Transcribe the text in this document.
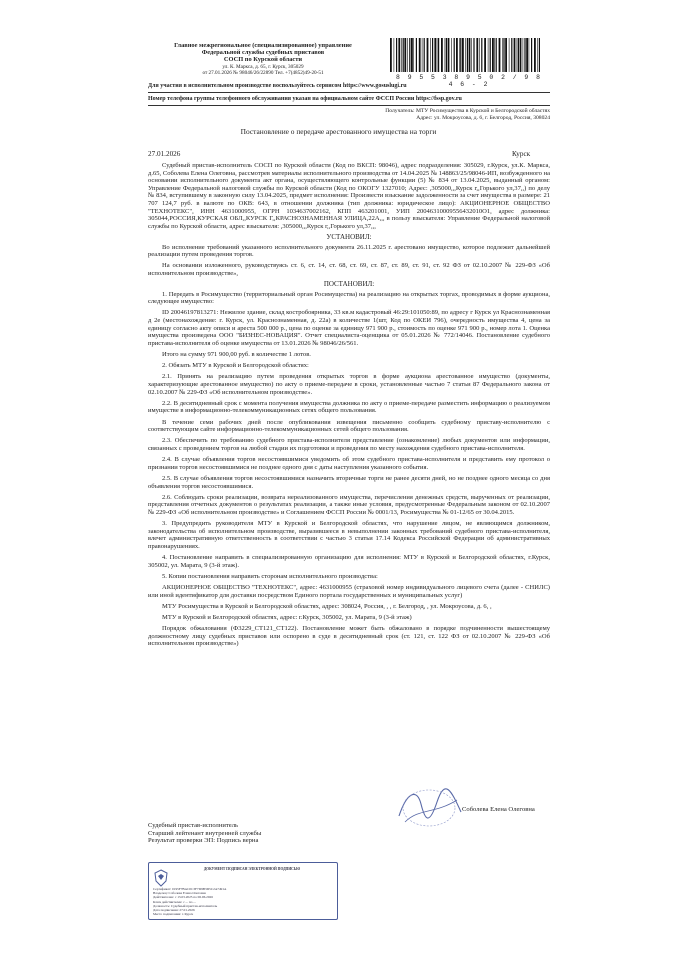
Главное межрегиональное (специализированное) управление
Федеральной службы судебных приставов
СОСП по Курской области
ул. К. Маркса, д. 65, г. Курск, 305029
от 27.01.2026 № 98046/26/22890 Тел. +7(4852)49-20-51
8 9 5 5 3 8 9 5 0 2 / 9 8 4 6 - 2
Для участия в исполнительном производстве воспользуйтесь сервисом https://www.gosuslugi.ru
Номер телефона группы телефонного обслуживания указан на официальном сайте ФССП России https://fssp.gov.ru
Получатель: МТУ Росимущества в Курской и Белгородской областях
Адрес: ул. Мокроусова, д. 6, г. Белгород, Россия, 308024
Постановление о передаче арестованного имущества на торги
27.01.2026	Курск

Судебный пристав-исполнитель СОСП по Курской области (Код по ВКСП: 98046), адрес подразделения: 305029, г.Курск, ул.К. Маркса, д.65, Соболева Елена Олеговна, рассмотрев материалы исполнительного производства от 14.04.2025 № 148863/25/98046-ИП, возбужденного на основании исполнительного документа акт органа, осуществляющего контрольные функции (5) № 834 от 13.04.2025, выданный органом: Управление Федеральной налоговой службы по Курской области (Код по ОКОГУ 1327010; Адрес: ,305000,,,Курск г,,Горького ул,37,,) по делу № 834, вступившему в законную силу 13.04.2025, предмет исполнения: Произвести взыскание задолженности за счет имущества в размере: 21 707 124,7 руб. в валюте по ОКВ: 643, в отношении должника (тип должника: юридическое лицо): АКЦИОНЕРНОЕ ОБЩЕСТВО "ТЕХНОТЕКС", ИНН 4631000955, ОГРН 1034637002162, КПП 463201001, УИП 20046310009556432010О1, адрес должника: 305044,РОССИЯ,КУРСКАЯ ОБЛ,,КУРСК Г,,КРАСНОЗНАМЕННАЯ УЛИЦА,22А,,, в пользу взыскателя: Управление Федеральной налоговой службы по Курской области, адрес взыскателя: ,305000,,,Курск г,,Горького ул,37,,,

УСТАНОВИЛ:

Во исполнение требований указанного исполнительного документа 26.11.2025 г. арестовано имущество, которое подлежит дальнейшей реализации путем проведения торгов.

На основании изложенного, руководствуясь ст. 6, ст. 14, ст. 68, ст. 69, ст. 87, ст. 89, ст. 91, ст. 92 ФЗ от 02.10.2007 № 229-ФЗ «Об исполнительном производстве»,

ПОСТАНОВИЛ:

1. Передать в Росимущество (территориальный орган Росимущества) на реализацию на открытых торгах, проводимых в форме аукциона, следующее имущество:

ID 20046197813271: Нежилое здание, склад костробоярника, 33 кв.м кадастровый 46:29:101050:89, по адресу г Курск ул Краснознаменная д 2е (местонахождение: г. Курск, ул. Краснознаменная, д. 22а) в количестве 1(шт, Код по ОКЕИ 796), очередность имущества 4, цена за единицу согласно акту описи и ареста 500 000 р., цена по оценке за единицу 971 900 р., стоимость по оценке 971 900 р., номер лота 1. Оценка имущества произведена ООО "БИЗНЕС-НОВАЦИЯ". Отчет специалиста-оценщика от 05.01.2026 № 772/14046. Постановление судебного пристава-исполнителя об оценке имущества от 13.01.2026 № 98046/26/561.

Итого на сумму 971 900,00 руб. в количестве 1 лотов.

2. Обязать МТУ в Курской и Белгородской областях:

2.1. Принять на реализацию путем проведения открытых торгов в форме аукциона арестованное имущество (документы, характеризующие арестованное имущество) по акту о приеме-передаче в сроки, установленные частью 7 статьи 87 Федерального закона от 02.10.2007 № 229-ФЗ «Об исполнительном производстве».

2.2. В десятидневный срок с момента получения имущества должника по акту о приеме-передаче разместить информацию о реализуемом имуществе в информационно-телекоммуникационных сетях общего пользования.

В течение семи рабочих дней после опубликования извещения письменно сообщить судебному приставу-исполнителю с соответствующим сайте информационно-телекоммуникационных сетей общего пользования.

2.3. Обеспечить по требованию судебного пристава-исполнителя представление (ознакомление) любых документов или информации, связанных с проведением торгов на любой стадии их подготовки и проведения по месту нахождения судебного пристава-исполнителя.

2.4. В случае объявления торгов несостоявшимися уведомить об этом судебного пристава-исполнителя и представить ему протокол о признании торгов несостоявшимися не позднее одного дня с даты наступления указанного события.

2.5. В случае объявления торгов несостоявшимися назначить вторичные торги не ранее десяти дней, но не позднее одного месяца со дня объявления торгов несостоявшимися.

2.6. Соблюдать сроки реализации, возврата нереализованного имущества, перечисления денежных средств, вырученных от реализации, представления отчетных документов о результатах реализации, а также иные условия, предусмотренные Федеральным законом от 02.10.2007 № 229-ФЗ «Об исполнительном производстве» и Соглашением ФССП России № 0001/13, Росимущества № 01-12/65 от 30.04.2015.

3. Предупредить руководителя МТУ в Курской и Белгородской областях, что нарушение лицом, не являющимся должником, законодательства об исполнительном производстве, выразившееся в невыполнении законных требований судебного пристава-исполнителя, влечет административную ответственность в соответствии с частью 3 статьи 17.14 Кодекса Российской Федерации об административных правонарушениях.

4. Постановление направить в специализированную организацию для исполнения: МТУ в Курской и Белгородской областях, г.Курск, 305002, ул. Марата, 9 (3-й этаж).

5. Копии постановления направить сторонам исполнительного производства:

АКЦИОНЕРНОЕ ОБЩЕСТВО "ТЕХНОТЕКС", адрес: 4631000955 (страховой номер индивидуального лицевого счета (далее - СНИЛС) или иной идентификатор для доставки посредством Единого портала государственных и муниципальных услуг)

МТУ Росимущества в Курской и Белгородской областях, адрес: 308024, Россия, , , г. Белгород, , ул. Мокроусова, д. 6, ,

МТУ в Курской и Белгородской областях, адрес: г.Курск, 305002, ул. Марата, 9 (3-й этаж)

Порядок обжалования (Ф3229_СТ121_СТ122). Постановление может быть обжаловано в порядке подчиненности вышестоящему должностному лицу судебных приставов или оспорено в суде в десятидневный срок (ст. 121, ст. 122 ФЗ от 02.10.2007 № 229-ФЗ «Об исполнительном производстве»)

Судебный пристав-исполнитель
Старший лейтенант внутренней службы
Результат проверки ЭП: Подпись верна
Соболева Елена Олеговна
ДОКУМЕНТ ПОДПИСАН ЭЛЕКТРОННОЙ ПОДПИСЬЮ
Сертификат: 0195F7BAC0C3F7D9B3D5C2A7491A
Владелец: Соболева Елена Олеговна
Действителен: с 13.03.2025 по 06.06.2026
Ключ действителен: с ... по ...
Должность: Судебный пристав-исполнитель
Дата подписания: 27.01.2026
Место подписания: г. Курск
